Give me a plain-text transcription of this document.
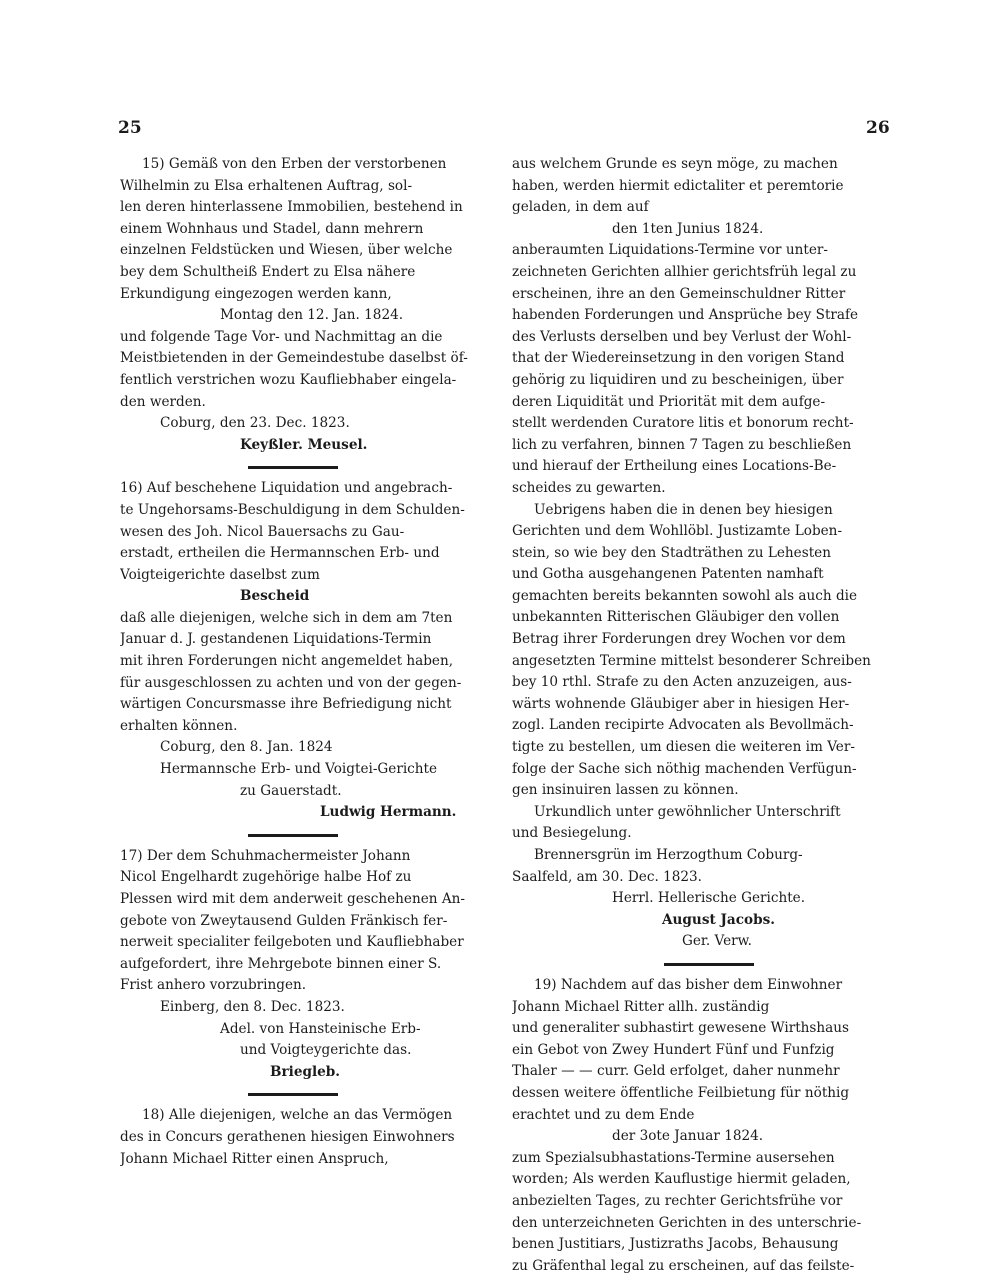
25	26
15) Gemäß von den Erben der verstorbenen
Wilhelmin zu Elsa erhaltenen Auftrag, sol-
len deren hinterlassene Immobilien, bestehend in
einem Wohnhaus und Stadel, dann mehrern
einzelnen Feldstücken und Wiesen, über welche
bey dem Schultheiß Endert zu Elsa nähere
Erkundigung eingezogen werden kann,
Montag den 12. Jan. 1824.
und folgende Tage Vor- und Nachmittag an die
Meistbietenden in der Gemeindestube daselbst öf-
fentlich verstrichen wozu Kaufliebhaber eingela-
den werden.
Coburg, den 23. Dec. 1823.
Keyßler. Meusel.
16) Auf beschehene Liquidation und angebrach-
te Ungehorsams-Beschuldigung in dem Schulden-
wesen des Joh. Nicol Bauersachs zu Gau-
erstadt, ertheilen die Hermannschen Erb- und
Voigteigerichte daselbst zum
Bescheid
daß alle diejenigen, welche sich in dem am 7ten
Januar d. J. gestandenen Liquidations-Termin
mit ihren Forderungen nicht angemeldet haben,
für ausgeschlossen zu achten und von der gegen-
wärtigen Concursmasse ihre Befriedigung nicht
erhalten können.
Coburg, den 8. Jan. 1824
Hermannsche Erb- und Voigtei-Gerichte
zu Gauerstadt.
Ludwig Hermann.
17) Der dem Schuhmachermeister Johann
Nicol Engelhardt zugehörige halbe Hof zu
Plessen wird mit dem anderweit geschehenen An-
gebote von Zweytausend Gulden Fränkisch fer-
nerweit specialiter feilgeboten und Kaufliebhaber
aufgefordert, ihre Mehrgebote binnen einer S.
Frist anhero vorzubringen.
Einberg, den 8. Dec. 1823.
Adel. von Hansteinische Erb-
und Voigteygerichte das.
Briegleb.
18) Alle diejenigen, welche an das Vermögen
des in Concurs gerathenen hiesigen Einwohners
Johann Michael Ritter einen Anspruch,
aus welchem Grunde es seyn möge, zu machen
haben, werden hiermit edictaliter et peremtorie
geladen, in dem auf
den 1ten Junius 1824.
anberaumten Liquidations-Termine vor unter-
zeichneten Gerichten allhier gerichtsfrüh legal zu
erscheinen, ihre an den Gemeinschuldner Ritter
habenden Forderungen und Ansprüche bey Strafe
des Verlusts derselben und bey Verlust der Wohl-
that der Wiedereinsetzung in den vorigen Stand
gehörig zu liquidiren und zu bescheinigen, über
deren Liquidität und Priorität mit dem aufge-
stellt werdenden Curatore litis et bonorum recht-
lich zu verfahren, binnen 7 Tagen zu beschließen
und hierauf der Ertheilung eines Locations-Be-
scheides zu gewarten.
Uebrigens haben die in denen bey hiesigen
Gerichten und dem Wohllöbl. Justizamte Loben-
stein, so wie bey den Stadträthen zu Lehesten
und Gotha ausgehangenen Patenten namhaft
gemachten bereits bekannten sowohl als auch die
unbekannten Ritterischen Gläubiger den vollen
Betrag ihrer Forderungen drey Wochen vor dem
angesetzten Termine mittelst besonderer Schreiben
bey 10 rthl. Strafe zu den Acten anzuzeigen, aus-
wärts wohnende Gläubiger aber in hiesigen Her-
zogl. Landen recipirte Advocaten als Bevollmäch-
tigte zu bestellen, um diesen die weiteren im Ver-
folge der Sache sich nöthig machenden Verfügun-
gen insinuiren lassen zu können.
Urkundlich unter gewöhnlicher Unterschrift
und Besiegelung.
Brennersgrün im Herzogthum Coburg-
Saalfeld, am 30. Dec. 1823.
Herrl. Hellerische Gerichte.
August Jacobs.
Ger. Verw.
19) Nachdem auf das bisher dem Einwohner
Johann Michael Ritter allh. zuständig
und generaliter subhastirt gewesene Wirthshaus
ein Gebot von Zwey Hundert Fünf und Funfzig
Thaler — — curr. Geld erfolget, daher nunmehr
dessen weitere öffentliche Feilbietung für nöthig
erachtet und zu dem Ende
der 3ote Januar 1824.
zum Spezialsubhastations-Termine ausersehen
worden; Als werden Kauflustige hiermit geladen,
anbezielten Tages, zu rechter Gerichtsfrühe vor
den unterzeichneten Gerichten in des unterschrie-
benen Justitiars, Justizraths Jacobs, Behausung
zu Gräfenthal legal zu erscheinen, auf das feilste-
